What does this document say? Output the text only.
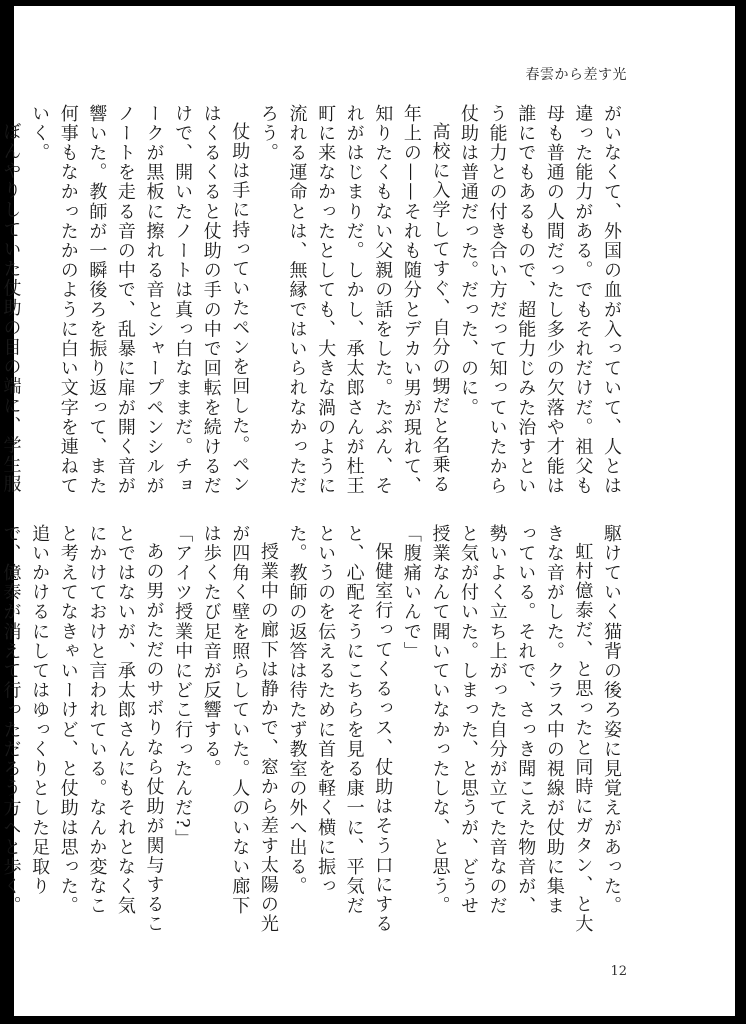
春雲から差す光

がいなくて、外国の血が入っていて、人とは違った能力がある。でもそれだけだ。祖父も母も普通の人間だったし多少の欠落や才能は誰にでもあるもので、超能力じみた治すという能力との付き合い方だって知っていたから仗助は普通だった。だった、のに。

高校に入学してすぐ、自分の甥だと名乗る年上の——それも随分とデカい男が現れて、知りたくもない父親の話をした。たぶん、それがはじまりだ。しかし、承太郎さんが杜王町に来なかったとしても、大きな渦のように流れる運命とは、無縁ではいられなかっただろう。

仗助は手に持っていたペンを回した。ペンはくるくると仗助の手の中で回転を続けるだけで、開いたノートは真っ白なままだ。チョークが黒板に擦れる音とシャープペンシルがノートを走る音の中で、乱暴に扉が開く音が響いた。教師が一瞬後ろを振り返って、また何事もなかったかのように白い文字を連ねていく。

ぼんやりしていた仗助の目の端に、学生服

駆けていく猫背の後ろ姿に見覚えがあった。

虹村億泰だ、と思ったと同時にガタン、と大きな音がした。クラス中の視線が仗助に集まっている。それで、さっき聞こえた物音が、勢いよく立ち上がった自分が立てた音なのだと気が付いた。しまった、と思うが、どうせ授業なんて聞いていなかったしな、と思う。

「腹痛いんで」

保健室行ってくるっス、仗助はそう口にすると、心配そうにこちらを見る康一に、平気だというのを伝えるために首を軽く横に振った。教師の返答は待たず教室の外へ出る。

授業中の廊下は静かで、窓から差す太陽の光が四角く壁を照らしていた。人のいない廊下は歩くたび足音が反響する。

「アイツ授業中にどこ行ったんだ?」

あの男がただのサボりなら仗助が関与することではないが、承太郎さんにもそれとなく気にかけておけと言われている。なんか変なこと考えてなきゃいーけど、と仗助は思った。追いかけるにしてはゆっくりとした足取りで、億泰が消えて行っただろう方へと歩く。

12
